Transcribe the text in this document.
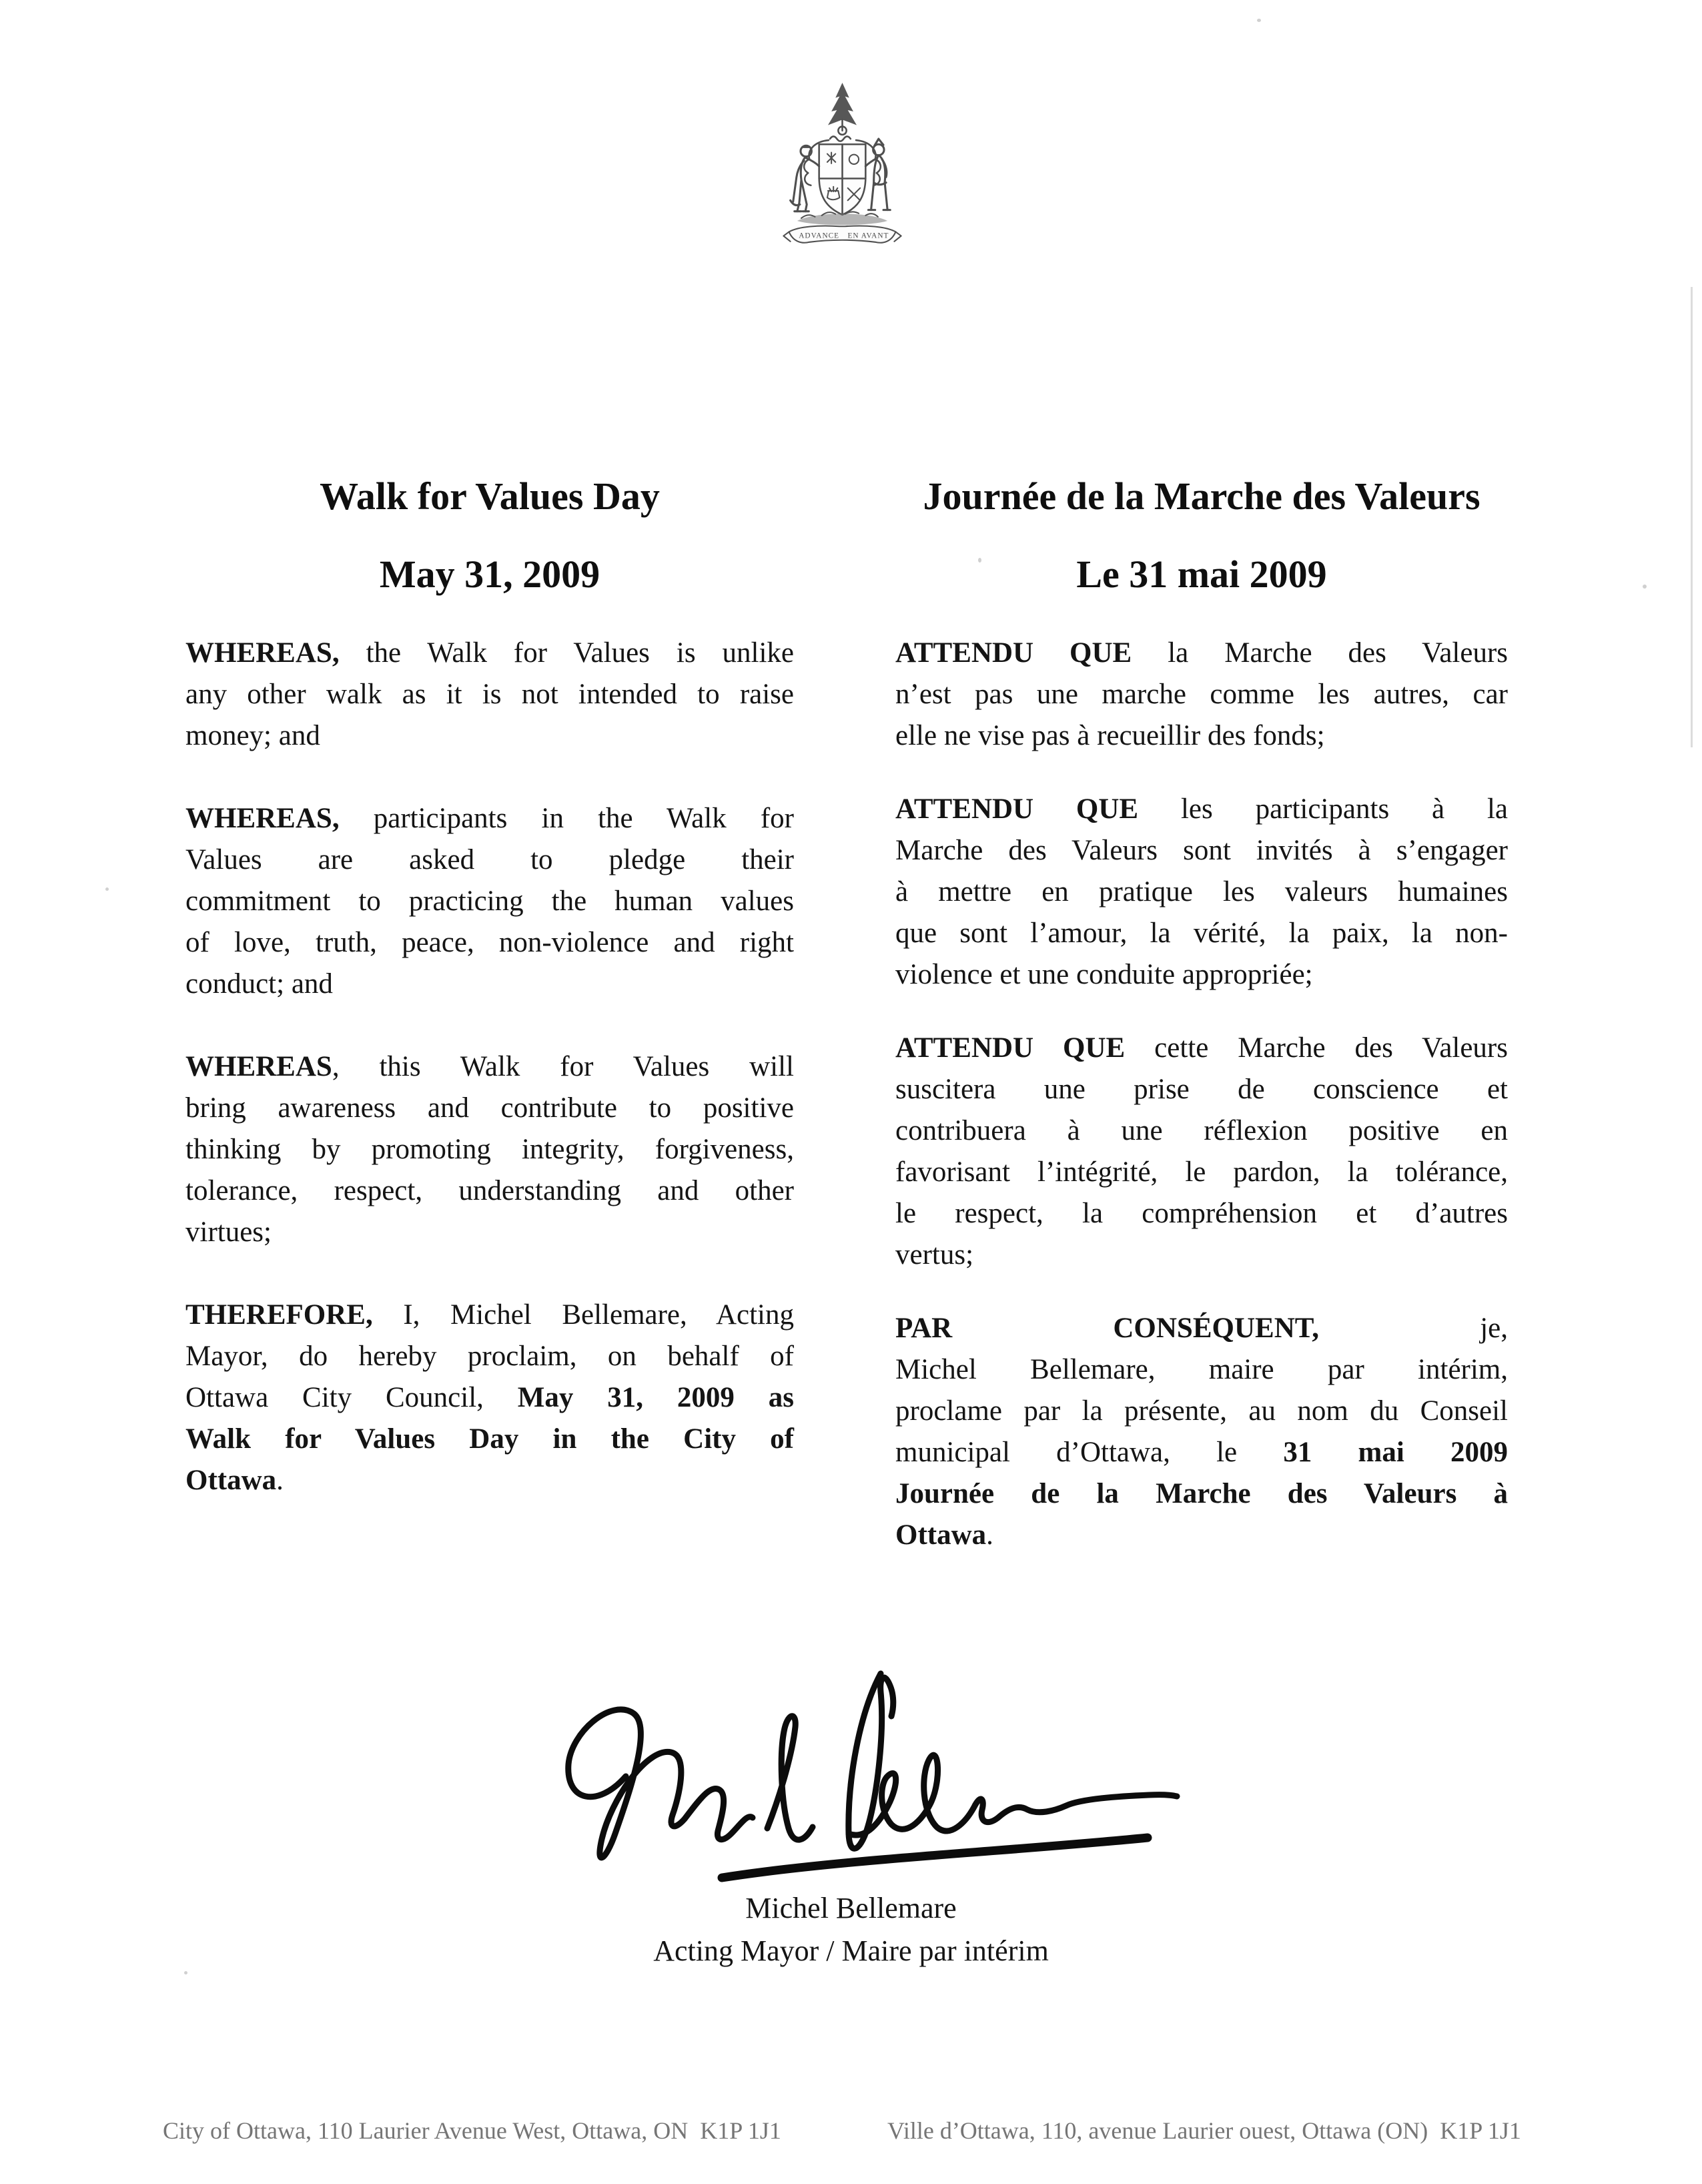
ADVANCE EN AVANT
Walk for Values Day
May 31, 2009

WHEREAS, the Walk for Values is unlike
any other walk as it is not intended to raise
money; and

WHEREAS, participants in the Walk for
Values are asked to pledge their
commitment to practicing the human values
of love, truth, peace, non-violence and right
conduct; and

WHEREAS, this Walk for Values will
bring awareness and contribute to positive
thinking by promoting integrity, forgiveness,
tolerance, respect, understanding and other
virtues;

THEREFORE, I, Michel Bellemare, Acting
Mayor, do hereby proclaim, on behalf of
Ottawa City Council, May 31, 2009 as
Walk for Values Day in the City of
Ottawa.

Journée de la Marche des Valeurs
Le 31 mai 2009

ATTENDU QUE la Marche des Valeurs
n’est pas une marche comme les autres, car
elle ne vise pas à recueillir des fonds;

ATTENDU QUE les participants à la
Marche des Valeurs sont invités à s’engager
à mettre en pratique les valeurs humaines
que sont l’amour, la vérité, la paix, la non-
violence et une conduite appropriée;

ATTENDU QUE cette Marche des Valeurs
suscitera une prise de conscience et
contribuera à une réflexion positive en
favorisant l’intégrité, le pardon, la tolérance,
le respect, la compréhension et d’autres
vertus;

PAR CONSÉQUENT, je,
Michel Bellemare, maire par intérim,
proclame par la présente, au nom du Conseil
municipal d’Ottawa, le 31 mai 2009
Journée de la Marche des Valeurs à
Ottawa.

Michel Bellemare
Acting Mayor / Maire par intérim
City of Ottawa, 110 Laurier Avenue West, Ottawa, ON  K1P 1J1	Ville d’Ottawa, 110, avenue Laurier ouest, Ottawa (ON)  K1P 1J1
